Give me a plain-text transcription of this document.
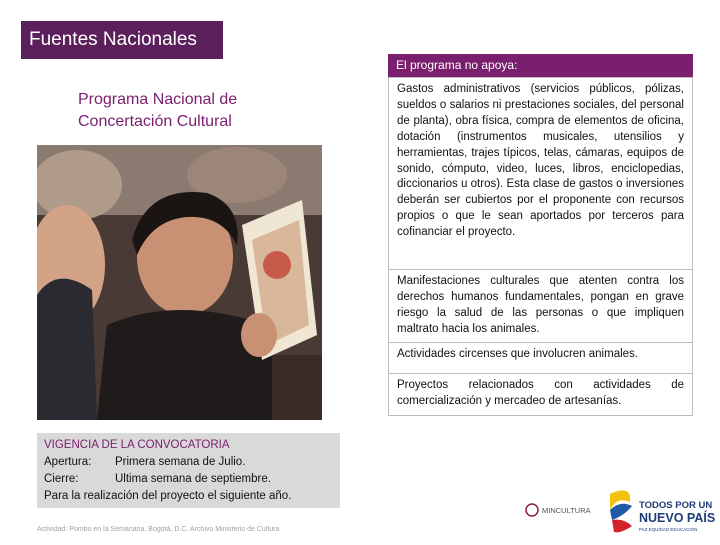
Fuentes Nacionales
Programa Nacional de Concertación Cultural
El programa no apoya:
Gastos administrativos (servicios públicos, pólizas, sueldos o salarios ni prestaciones sociales, del personal de planta), obra física, compra de elementos de oficina, dotación (instrumentos musicales, utensilios y herramientas, trajes típicos, telas, cámaras, equipos de sonido, cómputo, video, luces, libros, enciclopedias, diccionarios u otros). Esta clase de gastos o inversiones deberán ser cubiertos por el proponente con recursos propios o que le sean aportados por terceros para cofinanciar el proyecto.
Manifestaciones culturales que atenten contra los derechos humanos fundamentales, pongan en grave riesgo la salud de las personas o que impliquen maltrato hacia los animales.
Actividades circenses que involucren animales.
Proyectos relacionados con actividades de comercialización y mercadeo de artesanías.
VIGENCIA DE LA CONVOCATORIA
Apertura: Primera semana de Julio.
Cierre:	Ultima semana de septiembre.
Para la realización del proyecto el siguiente año.
Actividad: Pombo en la Semanana. Bogotá, D.C. Archivo Ministerio de Cultura
MINCULTURA	TODOS POR UN
NUEVO PAÍS
PAZ EQUIDAD EDUCACIÓN
